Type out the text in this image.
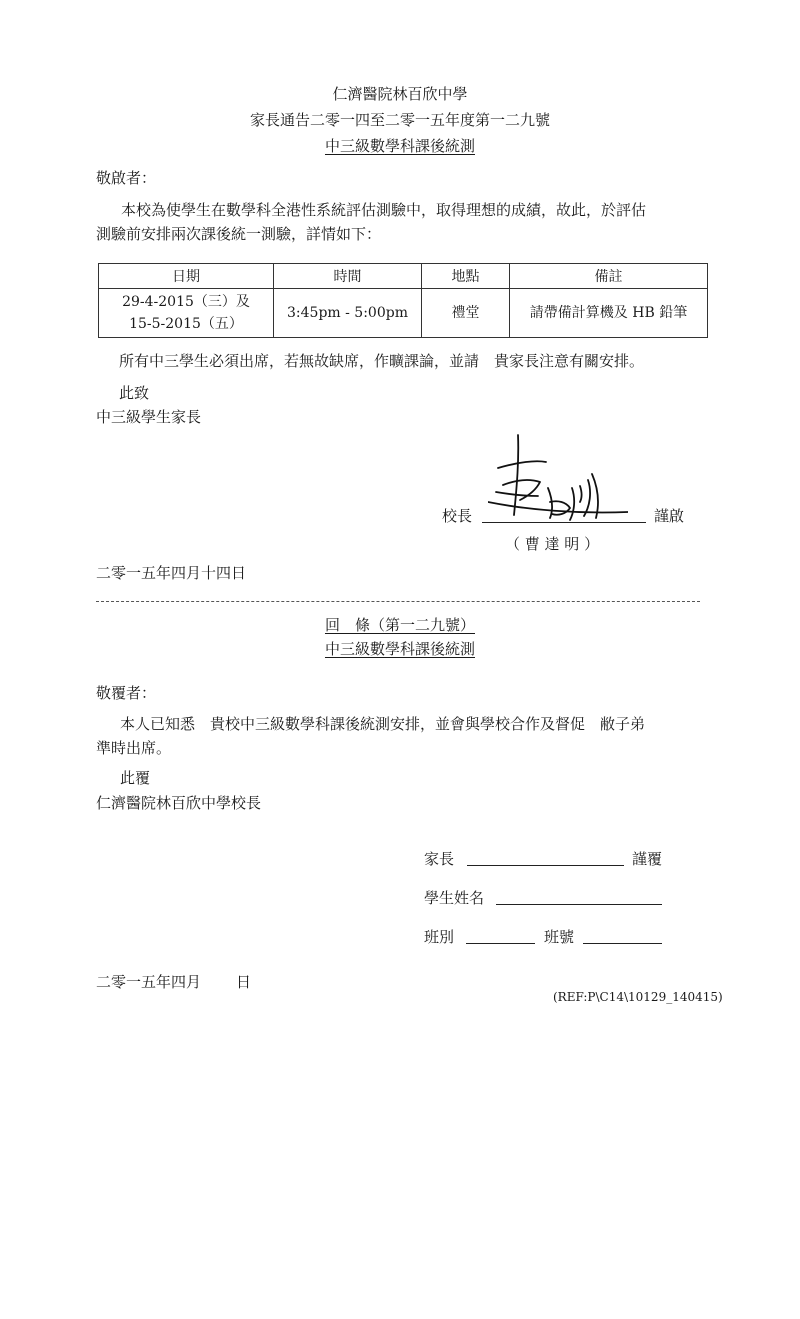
仁濟醫院林百欣中學
家長通告二零一四至二零一五年度第一二九號
中三級數學科課後統測
敬啟者：
本校為使學生在數學科全港性系統評估測驗中，取得理想的成績，故此，於評估
測驗前安排兩次課後統一測驗，詳情如下：
日期	時間	地點	備註

29-4-2015（三）及
15-5-2015（五）	3:45pm - 5:00pm	禮堂	請帶備計算機及 HB 鉛筆
所有中三學生必須出席，若無故缺席，作曠課論，並請　貴家長注意有關安排。
此致
中三級學生家長
校長	謹啟
（ 曹 達 明 ）
二零一五年四月十四日
回　條（第一二九號）
中三級數學科課後統測
敬覆者：
本人已知悉　貴校中三級數學科課後統測安排，並會與學校合作及督促　敝子弟
準時出席。
此覆
仁濟醫院林百欣中學校長
家長	謹覆
學生姓名
班別	班號
二零一五年四月 日
(REF:P\C14\10129_140415)
